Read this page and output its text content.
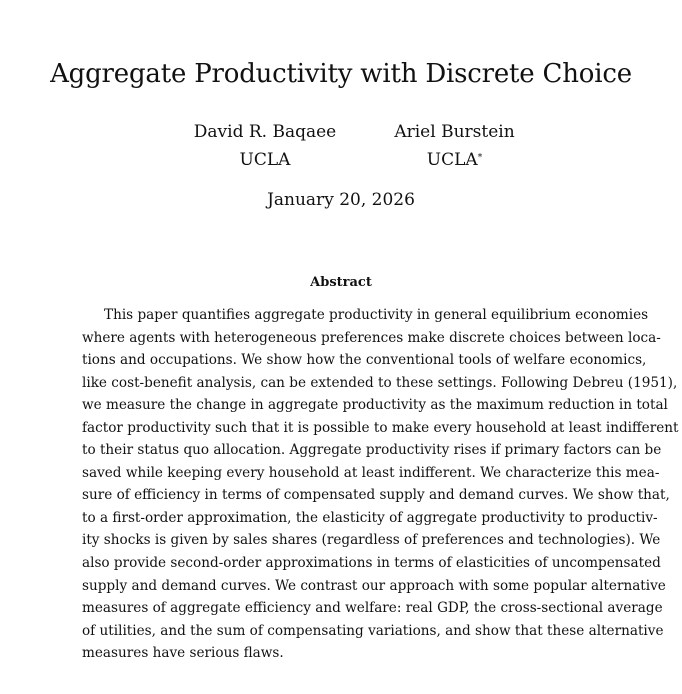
Aggregate Productivity with Discrete Choice
David R. Baqaee
UCLA
Ariel Burstein
UCLA*
January 20, 2026
Abstract
This paper quantifies aggregate productivity in general equilibrium economies
where agents with heterogeneous preferences make discrete choices between loca-
tions and occupations. We show how the conventional tools of welfare economics,
like cost-benefit analysis, can be extended to these settings. Following Debreu (1951),
we measure the change in aggregate productivity as the maximum reduction in total
factor productivity such that it is possible to make every household at least indifferent
to their status quo allocation. Aggregate productivity rises if primary factors can be
saved while keeping every household at least indifferent. We characterize this mea-
sure of efficiency in terms of compensated supply and demand curves. We show that,
to a first-order approximation, the elasticity of aggregate productivity to productiv-
ity shocks is given by sales shares (regardless of preferences and technologies). We
also provide second-order approximations in terms of elasticities of uncompensated
supply and demand curves. We contrast our approach with some popular alternative
measures of aggregate efficiency and welfare: real GDP, the cross-sectional average
of utilities, and the sum of compensating variations, and show that these alternative
measures have serious flaws.
